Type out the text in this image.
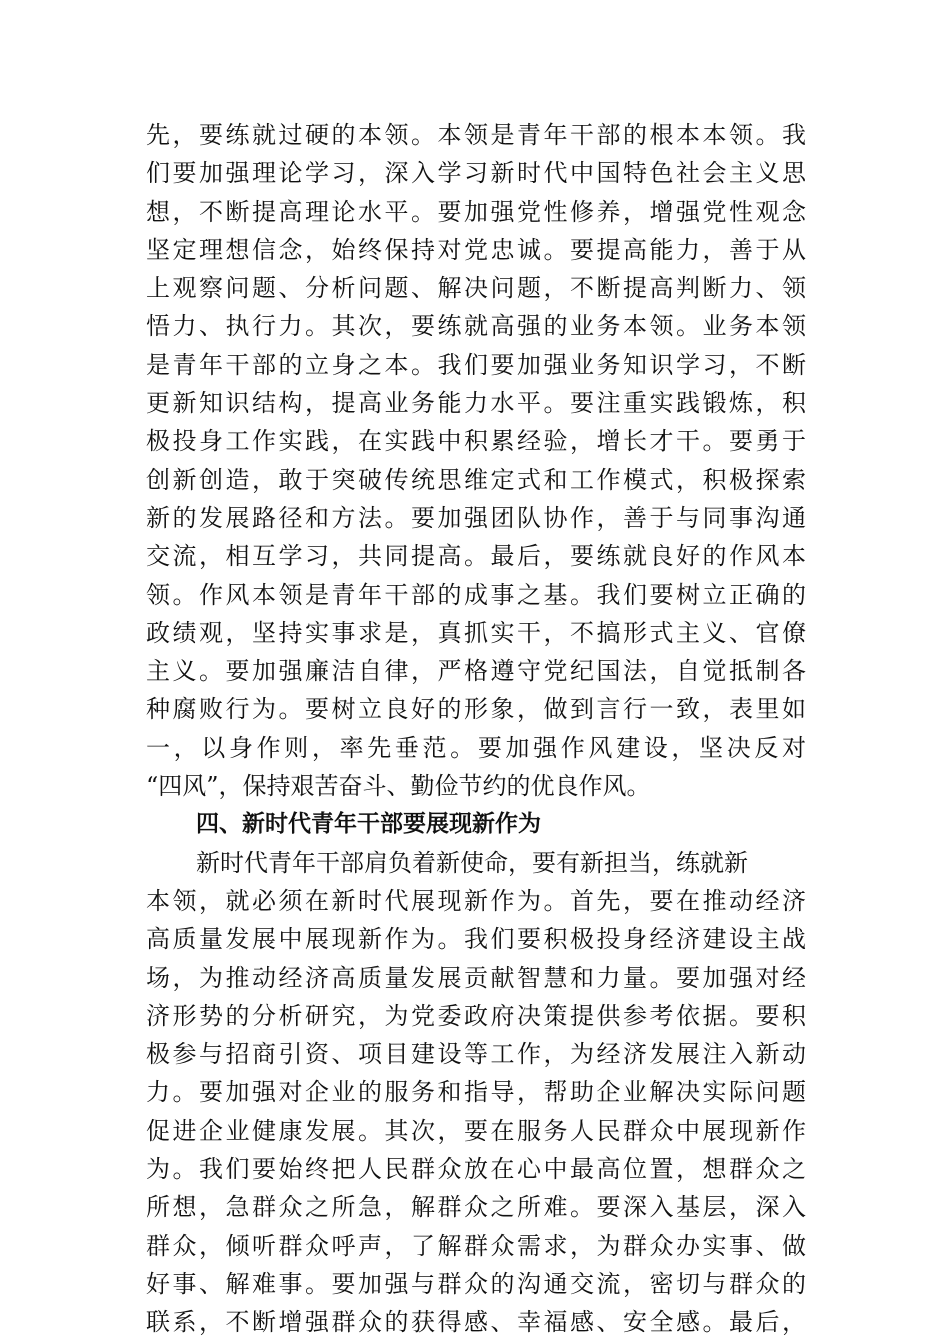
先，要练就过硬的本领。本领是青年干部的根本本领。我
们要加强理论学习，深入学习新时代中国特色社会主义思
想，不断提高理论水平。要加强党性修养，增强党性观念
坚定理想信念，始终保持对党忠诚。要提高能力，善于从
上观察问题、分析问题、解决问题，不断提高判断力、领
悟力、执行力。其次，要练就高强的业务本领。业务本领
是青年干部的立身之本。我们要加强业务知识学习，不断
更新知识结构，提高业务能力水平。要注重实践锻炼，积
极投身工作实践，在实践中积累经验，增长才干。要勇于
创新创造，敢于突破传统思维定式和工作模式，积极探索
新的发展路径和方法。要加强团队协作，善于与同事沟通
交流，相互学习，共同提高。最后，要练就良好的作风本
领。作风本领是青年干部的成事之基。我们要树立正确的
政绩观，坚持实事求是，真抓实干，不搞形式主义、官僚
主义。要加强廉洁自律，严格遵守党纪国法，自觉抵制各
种腐败行为。要树立良好的形象，做到言行一致，表里如
一，以身作则，率先垂范。要加强作风建设，坚决反对
“四风”，保持艰苦奋斗、勤俭节约的优良作风。
四、新时代青年干部要展现新作为
新时代青年干部肩负着新使命，要有新担当，练就新
本领，就必须在新时代展现新作为。首先，要在推动经济
高质量发展中展现新作为。我们要积极投身经济建设主战
场，为推动经济高质量发展贡献智慧和力量。要加强对经
济形势的分析研究，为党委政府决策提供参考依据。要积
极参与招商引资、项目建设等工作，为经济发展注入新动
力。要加强对企业的服务和指导，帮助企业解决实际问题
促进企业健康发展。其次，要在服务人民群众中展现新作
为。我们要始终把人民群众放在心中最高位置，想群众之
所想，急群众之所急，解群众之所难。要深入基层，深入
群众，倾听群众呼声，了解群众需求，为群众办实事、做
好事、解难事。要加强与群众的沟通交流，密切与群众的
联系，不断增强群众的获得感、幸福感、安全感。最后，
